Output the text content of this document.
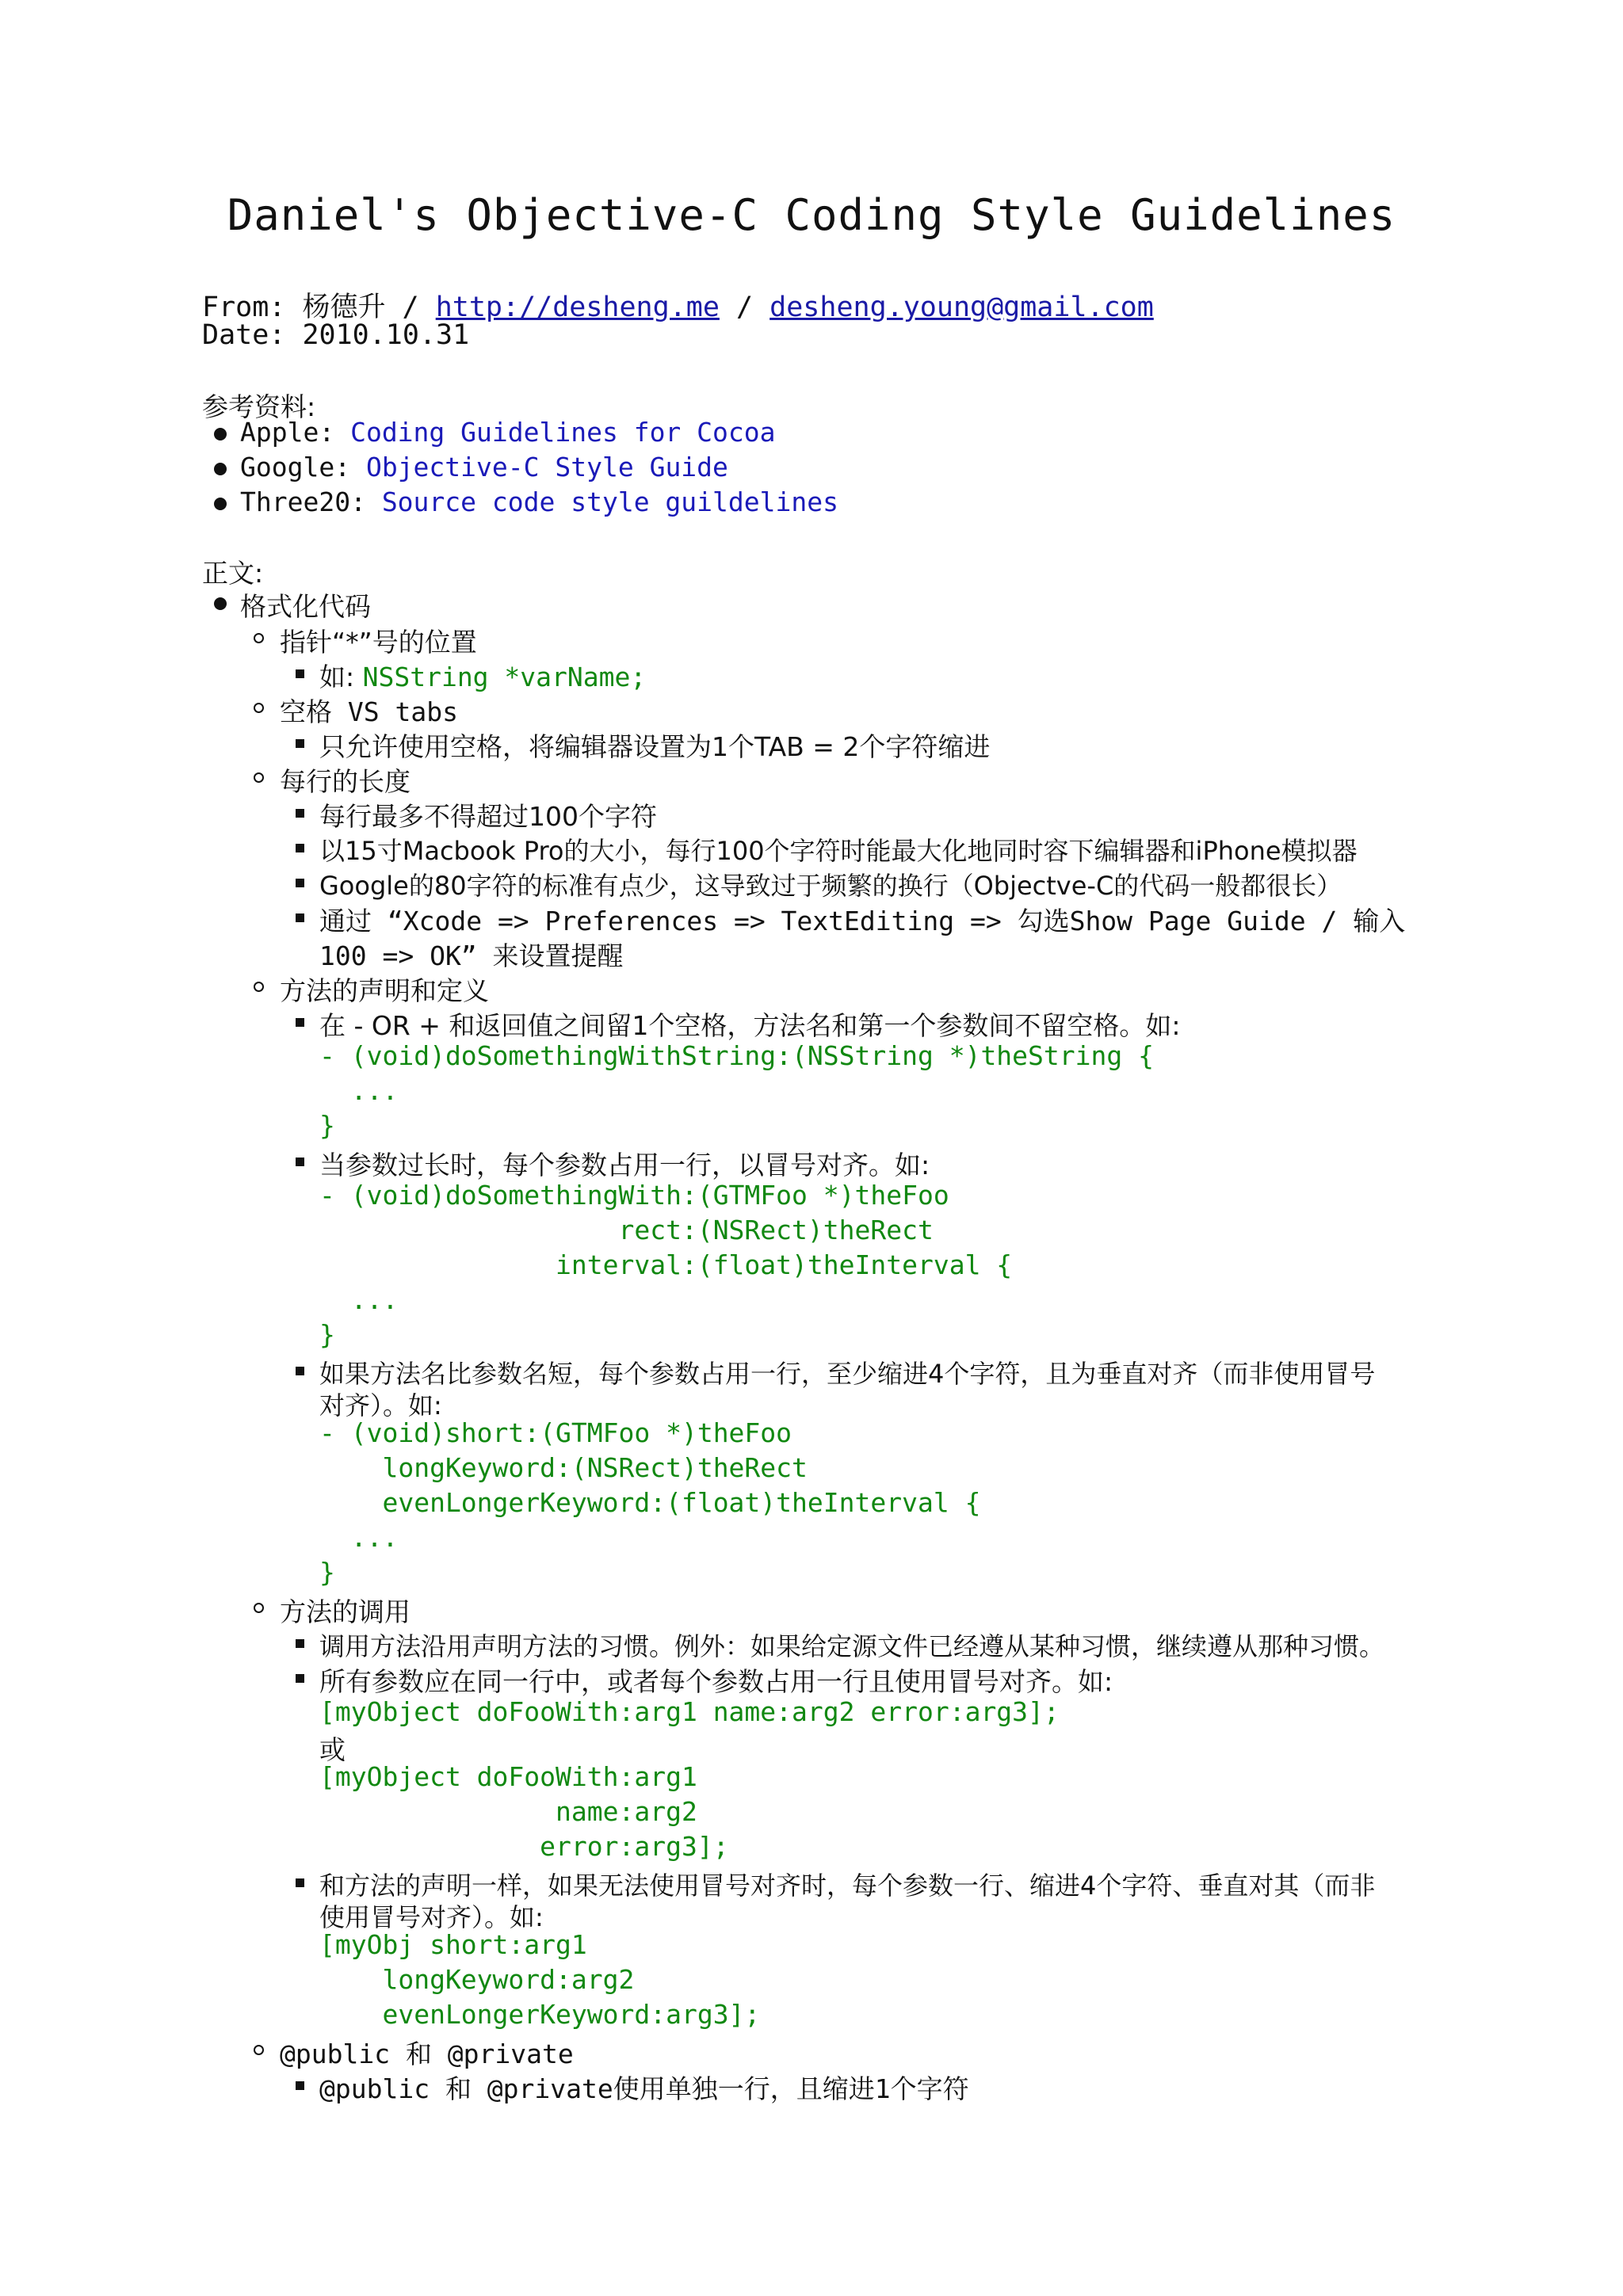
Daniel's Objective-C Coding Style Guidelines
From: 杨德升 / http://desheng.me / desheng.young@gmail.com
Date: 2010.10.31
参考资料:
Apple: Coding Guidelines for Cocoa
Google: Objective-C Style Guide
Three20: Source code style guildelines
正文:
格式化代码
指针“*”号的位置
如: NSString *varName;
空格 VS tabs
只允许使用空格，将编辑器设置为1个TAB = 2个字符缩进
每行的长度
每行最多不得超过100个字符
以15寸Macbook Pro的大小，每行100个字符时能最大化地同时容下编辑器和iPhone模拟器
Google的80字符的标准有点少，这导致过于频繁的换行（Objectve-C的代码一般都很长）
通过 “Xcode => Preferences => TextEditing => 勾选Show Page Guide / 输入
100 => OK” 来设置提醒
方法的声明和定义
在 - OR + 和返回值之间留1个空格，方法名和第一个参数间不留空格。如:
- (void)doSomethingWithString:(NSString *)theString {
...
}
当参数过长时，每个参数占用一行，以冒号对齐。如:
- (void)doSomethingWith:(GTMFoo *)theFoo
rect:(NSRect)theRect
interval:(float)theInterval {
...
}
如果方法名比参数名短，每个参数占用一行，至少缩进4个字符，且为垂直对齐（而非使用冒号
对齐）。如:
- (void)short:(GTMFoo *)theFoo
longKeyword:(NSRect)theRect
evenLongerKeyword:(float)theInterval {
...
}
方法的调用
调用方法沿用声明方法的习惯。例外：如果给定源文件已经遵从某种习惯，继续遵从那种习惯。
所有参数应在同一行中，或者每个参数占用一行且使用冒号对齐。如:
[myObject doFooWith:arg1 name:arg2 error:arg3];
或
[myObject doFooWith:arg1
name:arg2
error:arg3];
和方法的声明一样，如果无法使用冒号对齐时，每个参数一行、缩进4个字符、垂直对其（而非
使用冒号对齐）。如:
[myObj short:arg1
longKeyword:arg2
evenLongerKeyword:arg3];
@public 和 @private
@public 和 @private使用单独一行，且缩进1个字符
